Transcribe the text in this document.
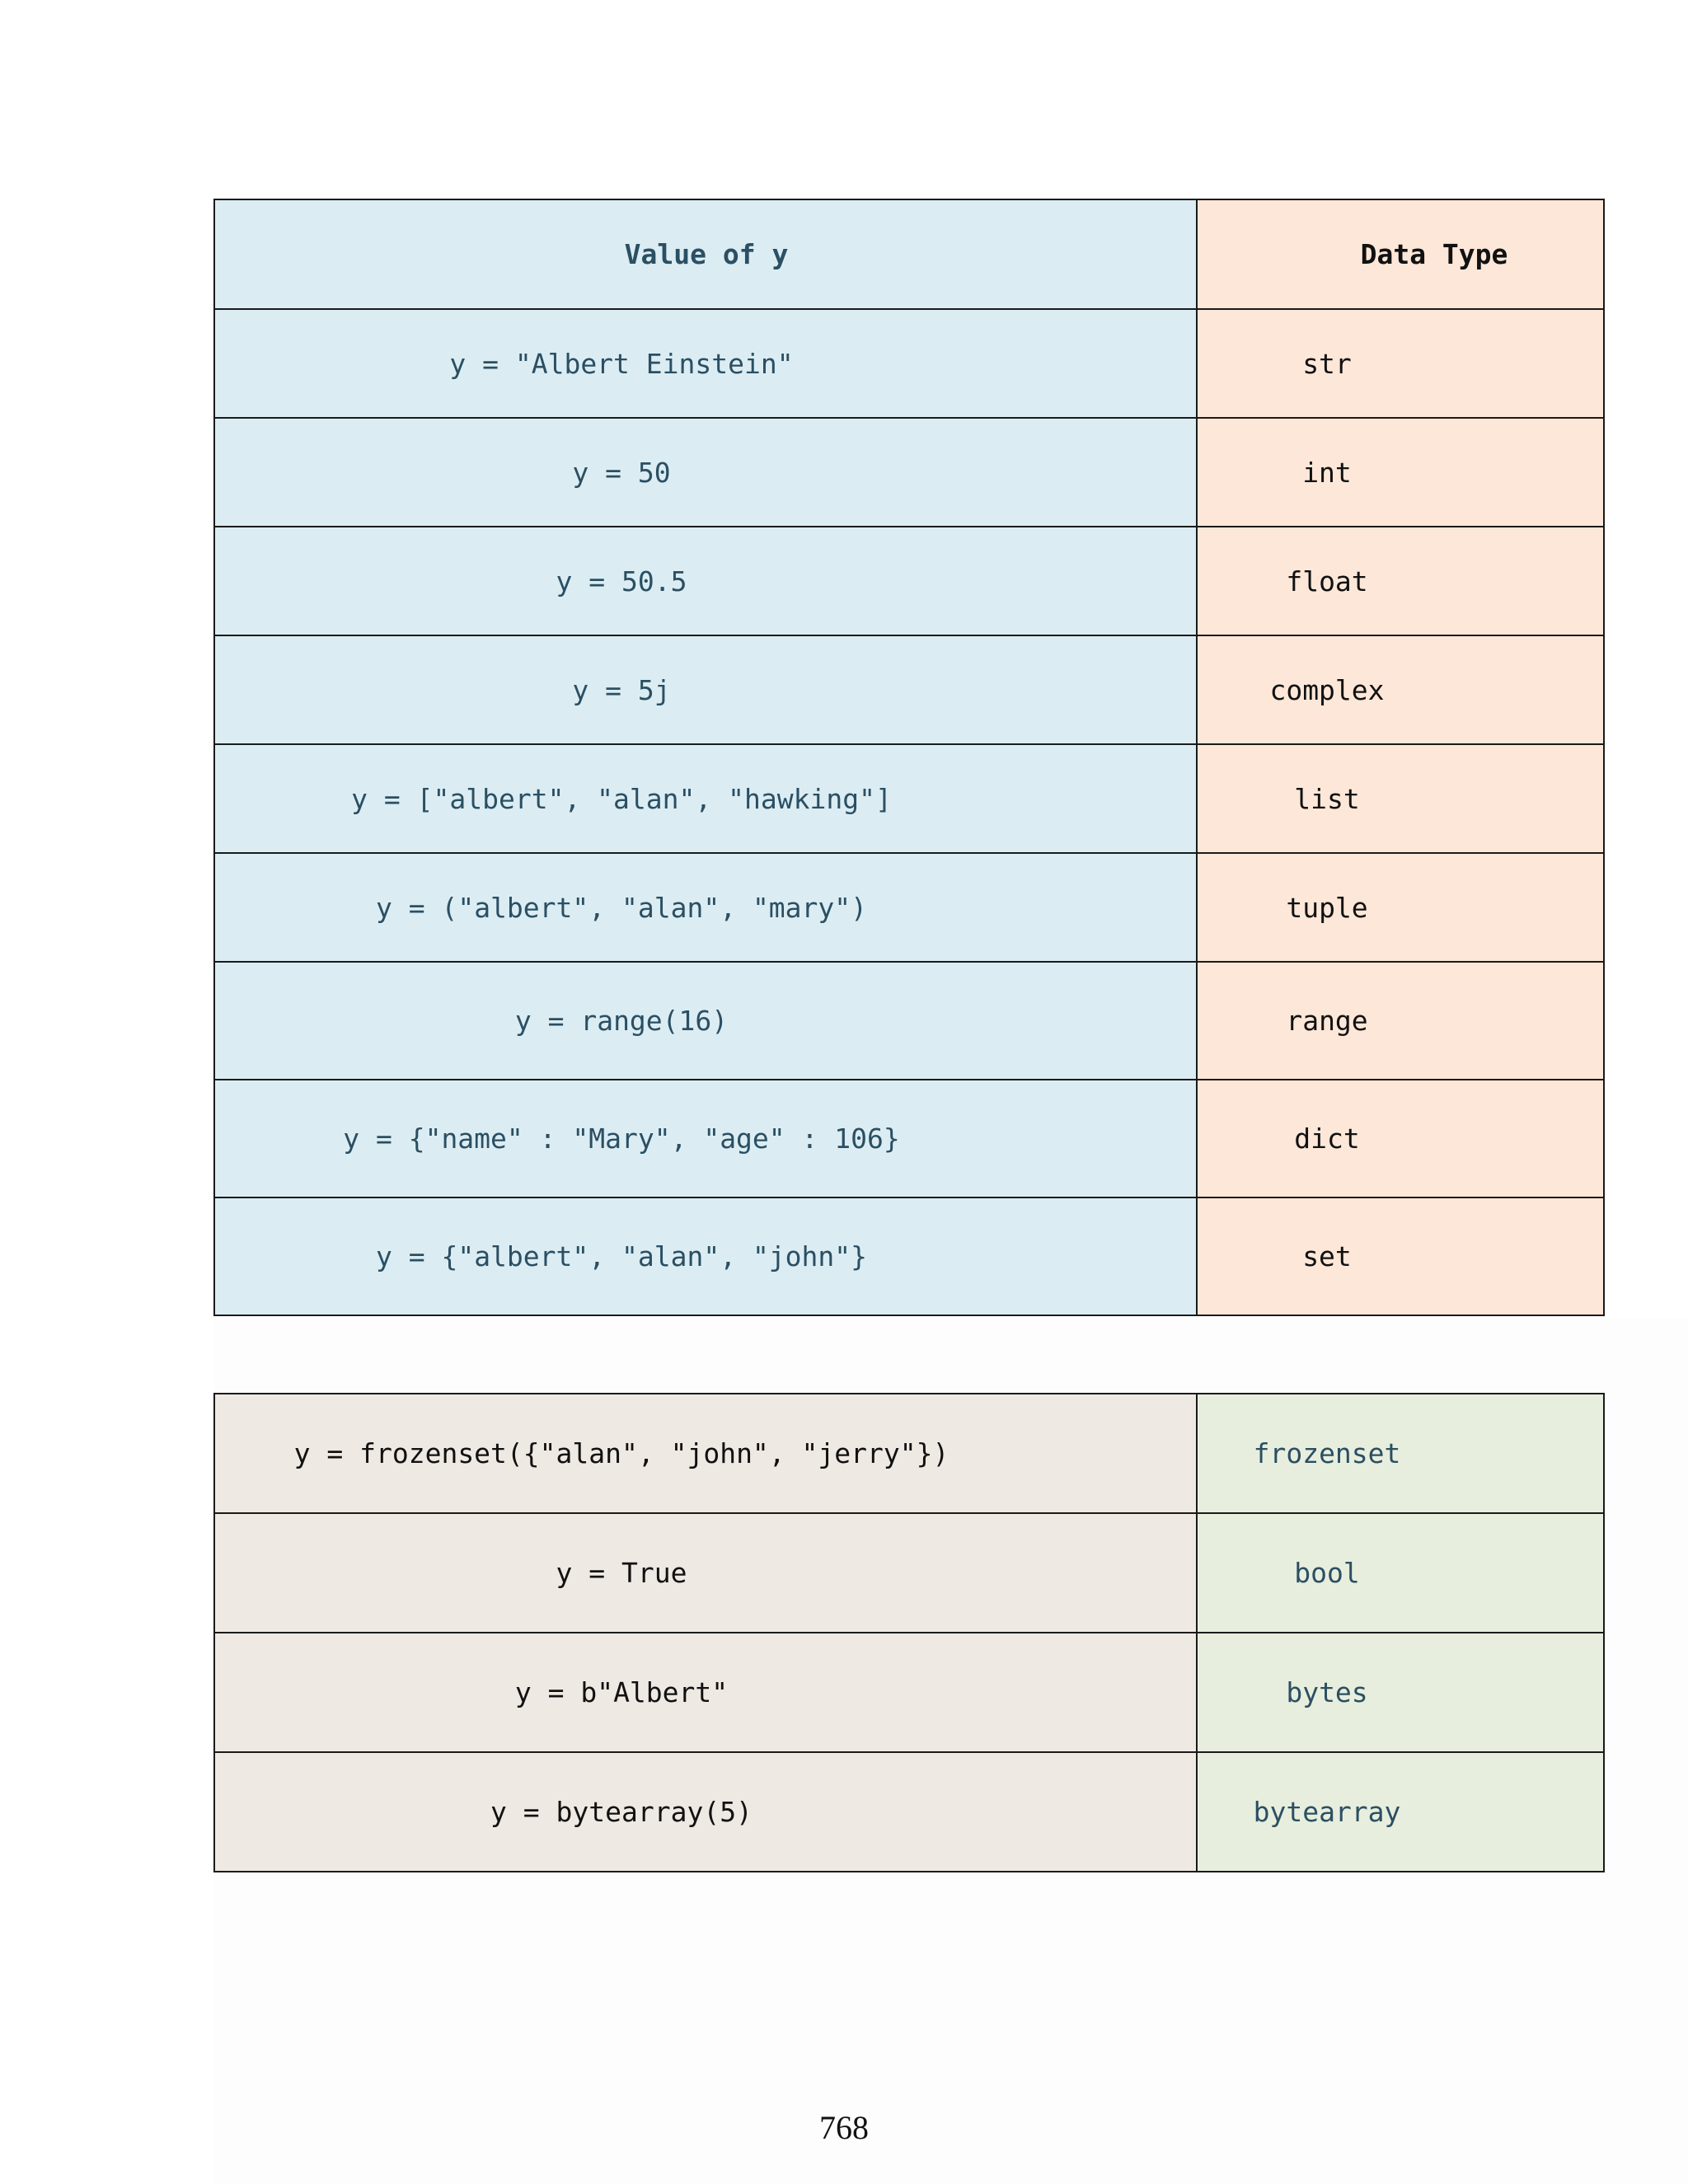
Value of y	Data Type

y = "Albert Einstein"	str

y = 50	int

y = 50.5	float

y = 5j	complex

y = ["albert", "alan", "hawking"]	list

y = ("albert", "alan", "mary")	tuple

y = range(16)	range

y = {"name" : "Mary", "age" : 106}	dict

y = {"albert", "alan", "john"}	set
y = frozenset({"alan", "john", "jerry"})	frozenset

y = True	bool

y = b"Albert"	bytes

y = bytearray(5)	bytearray
768
